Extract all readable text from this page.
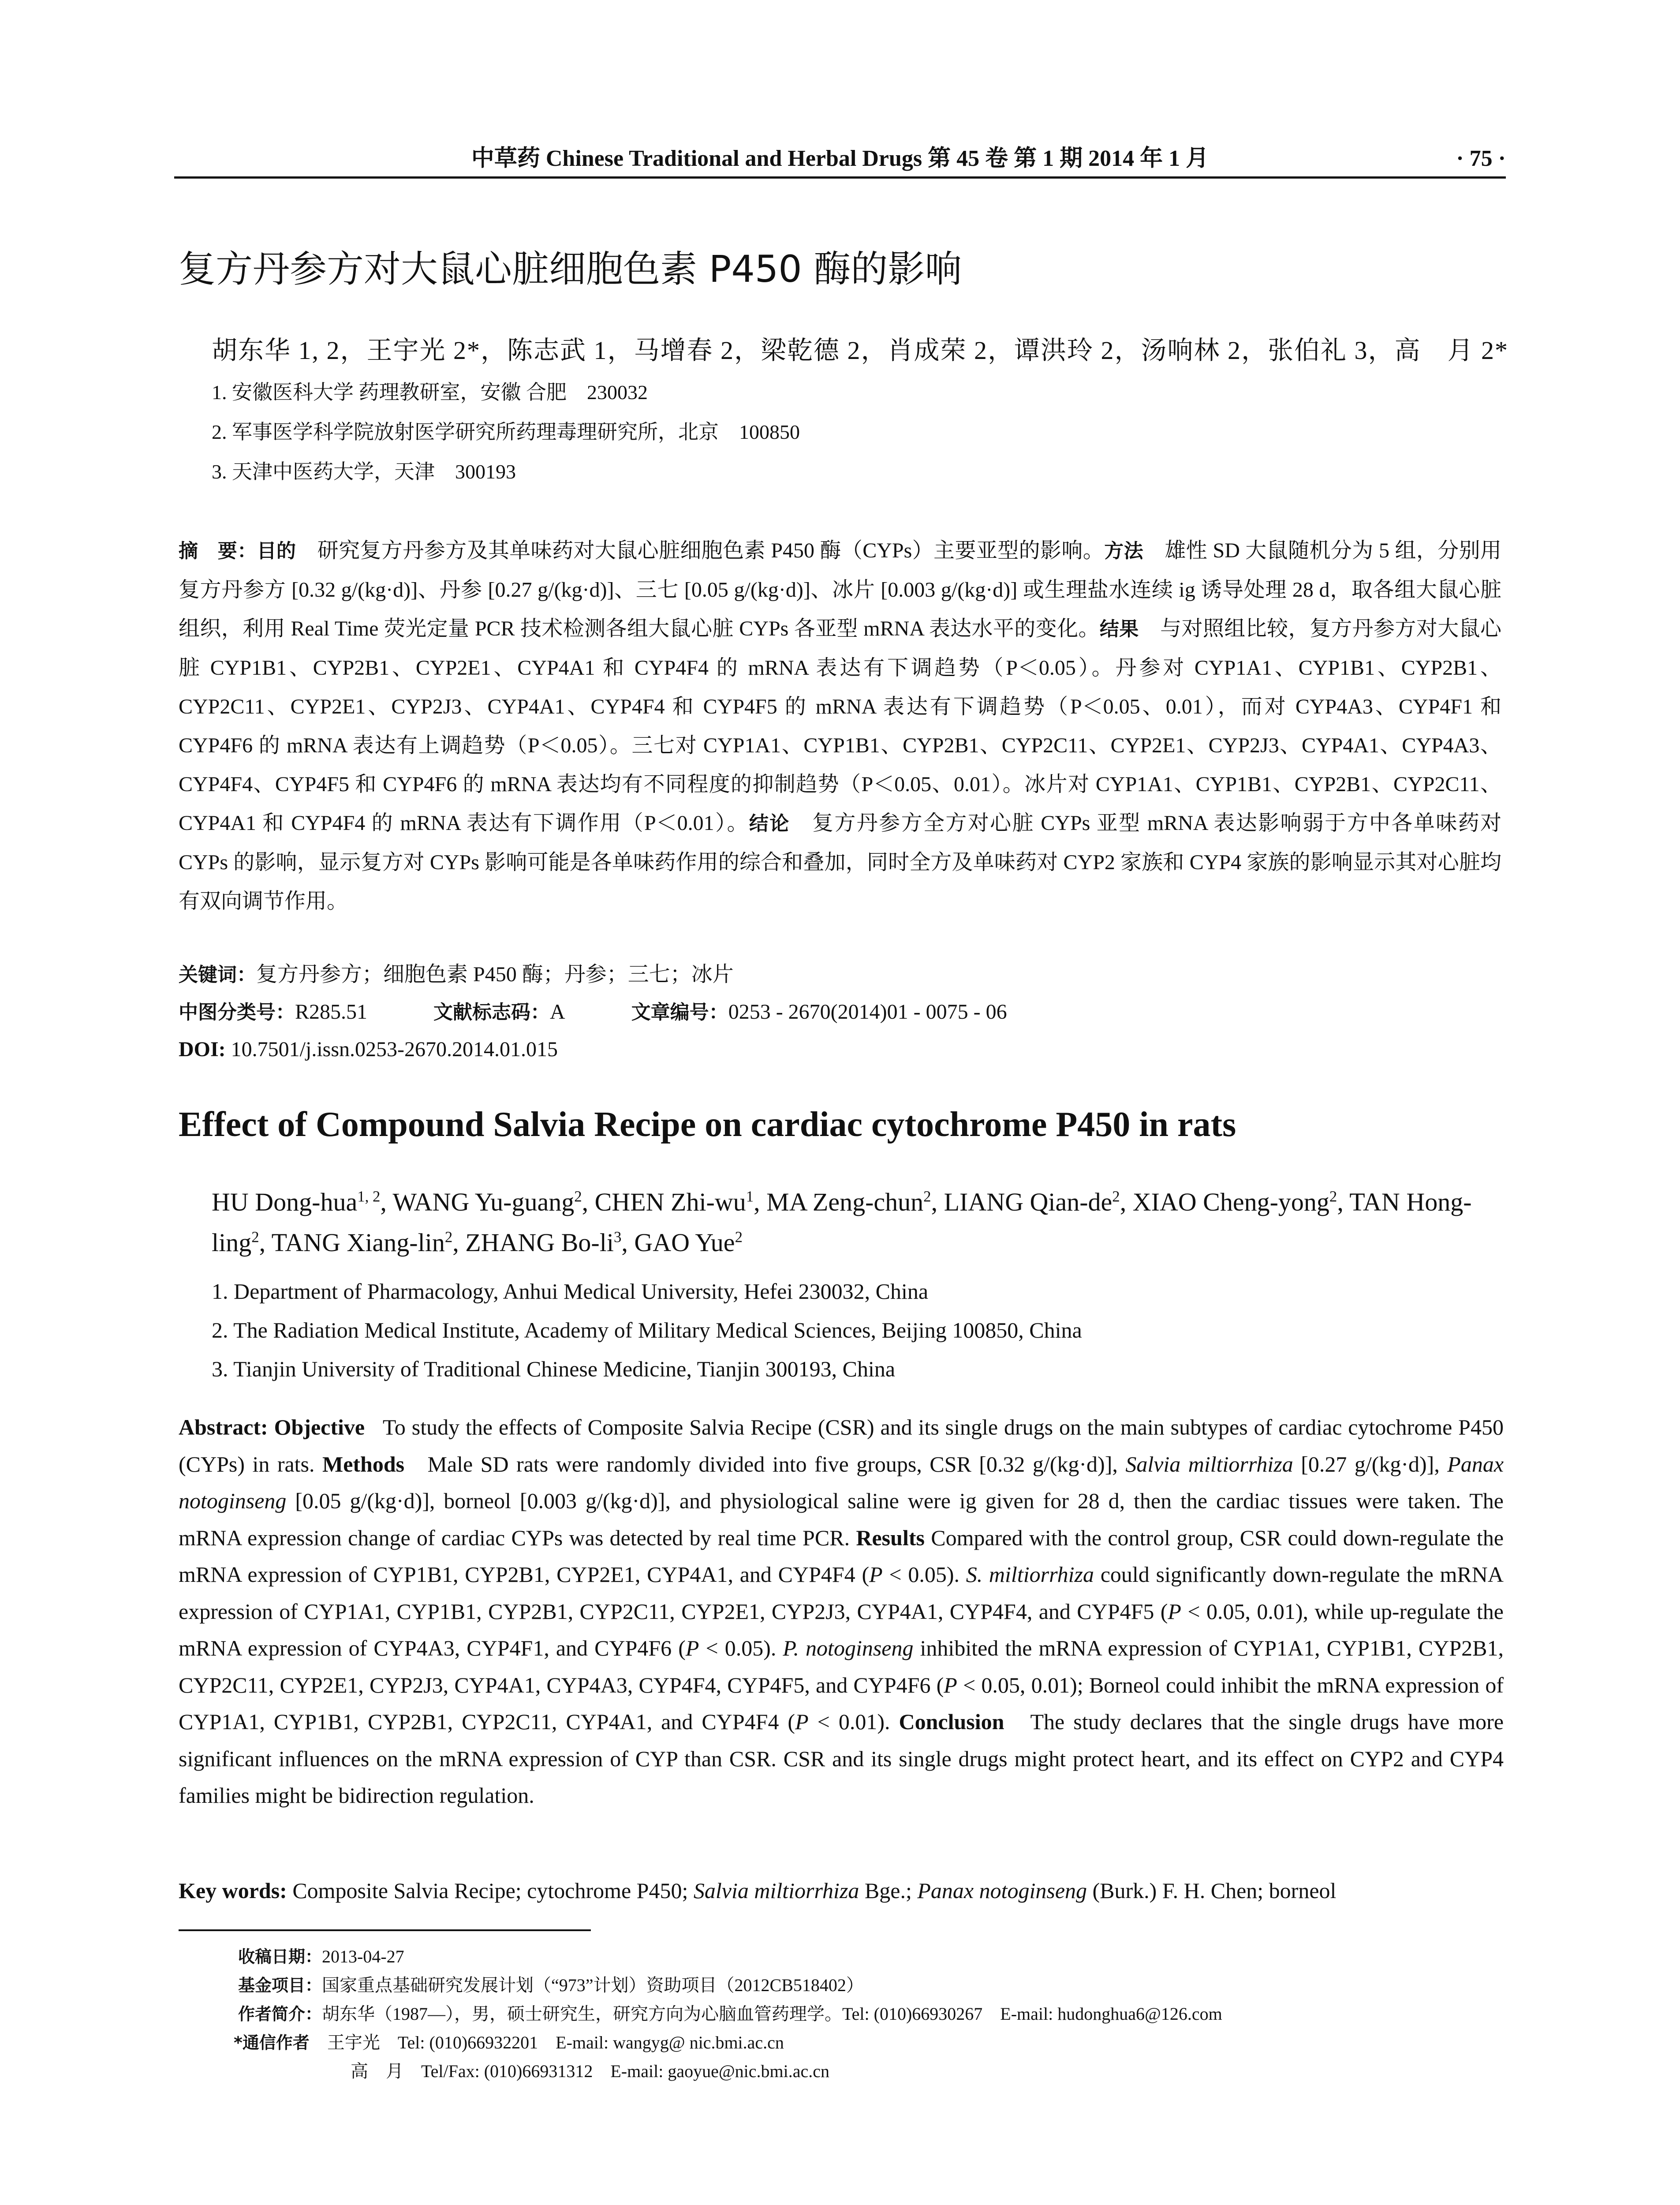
中草药 Chinese Traditional and Herbal Drugs 第 45 卷 第 1 期 2014 年 1 月	· 75 ·
复方丹参方对大鼠心脏细胞色素 P450 酶的影响
胡东华 1, 2，王宇光 2*，陈志武 1，马增春 2，梁乾德 2，肖成荣 2，谭洪玲 2，汤响林 2，张伯礼 3，高　月 2*
1. 安徽医科大学 药理教研室，安徽 合肥　230032
2. 军事医学科学院放射医学研究所药理毒理研究所，北京　100850
3. 天津中医药大学，天津　300193
摘　要：目的　 研究复方丹参方及其单味药对大鼠心脏细胞色素 P450 酶（CYPs）主要亚型的影响。方法　 雄性 SD 大鼠随机分为 5 组，分别用复方丹参方 [0.32 g/(kg·d)]、丹参 [0.27 g/(kg·d)]、三七 [0.05 g/(kg·d)]、冰片 [0.003 g/(kg·d)] 或生理盐水连续 ig 诱导处理 28 d，取各组大鼠心脏组织，利用 Real Time 荧光定量 PCR 技术检测各组大鼠心脏 CYPs 各亚型 mRNA 表达水平的变化。结果　 与对照组比较，复方丹参方对大鼠心脏 CYP1B1、CYP2B1、CYP2E1、CYP4A1 和 CYP4F4 的 mRNA 表达有下调趋势（P＜0.05）。丹参对 CYP1A1、CYP1B1、CYP2B1、CYP2C11、CYP2E1、CYP2J3、CYP4A1、CYP4F4 和 CYP4F5 的 mRNA 表达有下调趋势（P＜0.05、0.01），而对 CYP4A3、CYP4F1 和 CYP4F6 的 mRNA 表达有上调趋势（P＜0.05）。三七对 CYP1A1、CYP1B1、CYP2B1、CYP2C11、CYP2E1、CYP2J3、CYP4A1、CYP4A3、CYP4F4、CYP4F5 和 CYP4F6 的 mRNA 表达均有不同程度的抑制趋势（P＜0.05、0.01）。冰片对 CYP1A1、CYP1B1、CYP2B1、CYP2C11、CYP4A1 和 CYP4F4 的 mRNA 表达有下调作用（P＜0.01）。结论　 复方丹参方全方对心脏 CYPs 亚型 mRNA 表达影响弱于方中各单味药对 CYPs 的影响，显示复方对 CYPs 影响可能是各单味药作用的综合和叠加，同时全方及单味药对 CYP2 家族和 CYP4 家族的影响显示其对心脏均有双向调节作用。
关键词：复方丹参方；细胞色素 P450 酶；丹参；三七；冰片
中图分类号：R285.51	文献标志码：A	文章编号：0253 - 2670(2014)01 - 0075 - 06
DOI: 10.7501/j.issn.0253-2670.2014.01.015
Effect of Compound Salvia Recipe on cardiac cytochrome P450 in rats
HU Dong-hua$^{1, 2}$, WANG Yu-guang$^2$, CHEN Zhi-$wu^1$, MA Zeng-chun$^2$, LIANG Qian-$de^2$, XIAO Cheng-yong$^2$, TAN Hong-ling$^2$, TANG Xiang-lin$^2$, ZHANG $Bo-li^3$, GAO Yue$^2$
1. Department of Pharmacology, Anhui Medical University, Hefei 230032, China
2. The Radiation Medical Institute, Academy of Military Medical Sciences, Beijing 100850, China
3. Tianjin University of Traditional Chinese Medicine, Tianjin 300193, China
Abstract: Objective To study the effects of Composite Salvia Recipe (CSR) and its single drugs on the main subtypes of cardiac cytochrome P450 (CYPs) in rats. Methods Male SD rats were randomly divided into five groups, CSR [0.32 g/(kg·d)], Salvia miltiorrhiza [0.27 g/(kg·d)], Panax notoginseng [0.05 g/(kg·d)], borneol [0.003 g/(kg·d)], and physiological saline were ig given for 28 d, then the cardiac tissues were taken. The mRNA expression change of cardiac CYPs was detected by real time PCR. Results Compared with the control group, CSR could down-regulate the mRNA expression of CYP1B1, CYP2B1, CYP2E1, CYP4A1, and CYP4F4 (P < 0.05). S. miltiorrhiza could significantly down-regulate the mRNA expression of CYP1A1, CYP1B1, CYP2B1, CYP2C11, CYP2E1, CYP2J3, CYP4A1, CYP4F4, and CYP4F5 (P < 0.05, 0.01), while up-regulate the mRNA expression of CYP4A3, CYP4F1, and CYP4F6 (P < 0.05). P. notoginseng inhibited the mRNA expression of CYP1A1, CYP1B1, CYP2B1, CYP2C11, CYP2E1, CYP2J3, CYP4A1, CYP4A3, CYP4F4, CYP4F5, and CYP4F6 (P < 0.05, 0.01); Borneol could inhibit the mRNA expression of CYP1A1, CYP1B1, CYP2B1, CYP2C11, CYP4A1, and CYP4F4 (P < 0.01). Conclusion The study declares that the single drugs have more significant influences on the mRNA expression of CYP than CSR. CSR and its single drugs might protect heart, and its effect on CYP2 and CYP4 families might be bidirection regulation.
Key words: Composite Salvia Recipe; cytochrome P450; Salvia miltiorrhiza Bge.; Panax notoginseng (Burk.) F. H. Chen; borneol
收稿日期：2013-04-27
基金项目：国家重点基础研究发展计划（“973”计划）资助项目（2012CB518402）
作者简介：胡东华（1987—），男，硕士研究生，研究方向为心脑血管药理学。Tel: (010)66930267　E-mail: hudonghua6@126.com
*通信作者　 王宇光　Tel: (010)66932201　E-mail: wangyg@ nic.bmi.ac.cn
高　月　Tel/Fax: (010)66931312　E-mail: gaoyue@nic.bmi.ac.cn
